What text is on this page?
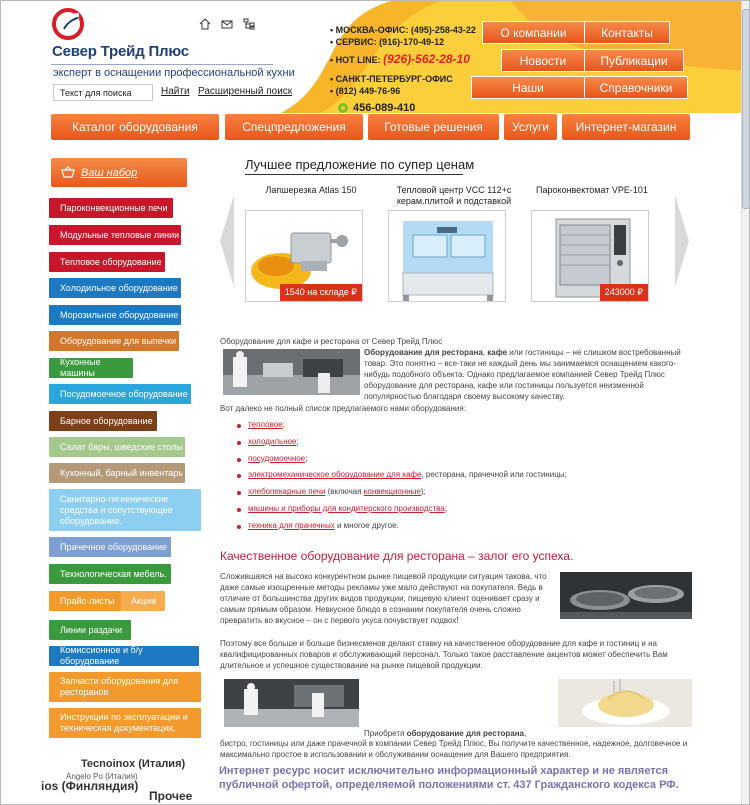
Север Трейд Плюс
эксперт в оснащении профессиональной кухни
Текст для поиска
Найти Расширенный поиск
• МОСКВА-ОФИС: (495)-258-43-22
• СЕРВИС: (916)-170-49-12
• HOT LINE: (926)-562-28-10
• САНКТ-ПЕТЕРБУРГ-ОФИС
• (812) 449-76-96
456-089-410
О компании	Контакты
Новости	Публикации
Наши	Справочники
Каталог оборудования	Спецпредложения	Готовые решения	Услуги	Интернет-магазин
Ваш набор
Пароконвекционные печи
Модульные тепловые линии
Тепловое оборудование
Холодильное оборудование
Морозильное оборудование
Оборудование для выпечки
Кухонные машины
Посудомоечное оборудование
Барное оборудование
Салат бары, шведские столы
Кухонный, барный инвентарь
Санитарно-гигиенические средства и сопутствующее оборудование.
Прачечное оборудование
Технологическая мебель.
Прайс-листы	Акции
Линии раздачи
Комиссионное и б/у оборудование
Запчасти оборудования для ресторанов
Инструкции по эксплуатации и техническая документация.
Tecnoinox (Италия)
Angelo Po (Италия)
ios (Финляндия)
Прочее
Лучшее предложение по супер ценам
Лапшерезка Atlas 150	Тепловой центр VCC 112+с керам.плитой и подставкой
Пароконвектомат VPE-101
1540 на складе ₽	243000 ₽
Оборудование для кафе и ресторана от Север Трейд Плюс
Оборудование для ресторана, кафе или гостиницы – не слишком востребованный товар. Это понятно – все-таки не каждый день мы занимаемся оснащением какого-нибудь подобного объекта. Однако предлагаемое компанией Север Трейд Плюс оборудование для ресторана, кафе или гостиницы пользуется неизменной популярностью благодаря своему высокому качеству.
Вот далеко не полный список предлагаемого нами оборудования:
тепловое;
холодильное;
посудомоечное;
электромеханическое оборудование для кафе, ресторана, прачечной или гостиницы;
хлебопекарные печи (включая конвекционные);
машины и приборы для кондитерского производства;
техника для прачечных и многое другое.
Качественное оборудование для ресторана – залог его успеха.
Сложившаяся на высоко конкурентном рынке пищевой продукции ситуация такова, что даже самые изощренные методы рекламы уже мало действуют на покупателя. Ведь в отличие от большинства других видов продукции, пищевую клиент оценивает сразу и самым прямым образом. Невкусное блюдо в сознании покупателя очень сложно превратить во вкусное – он с первого укуса почувствует подвох!
Поэтому все больше и больше бизнесменов делают ставку на качественное оборудование для кафе и гостиниц и на квалифицированных поваров и обслуживающий персонал. Только такое расставление акцентов может обеспечить Вам длительное и успешное существование на рынке пищевой продукции.
Приобретя оборудование для ресторана,
бистро, гостиницы или даже прачечной в компании Север Трейд Плюс, Вы получите качественное, надежное, долговечное и максимально простое в использовании и обслуживании оснащение для Вашего предприятия.
Интернет ресурс носит исключительно информационный характер и не является публичной офертой, определяемой положениями ст. 437 Гражданского кодекса РФ.
